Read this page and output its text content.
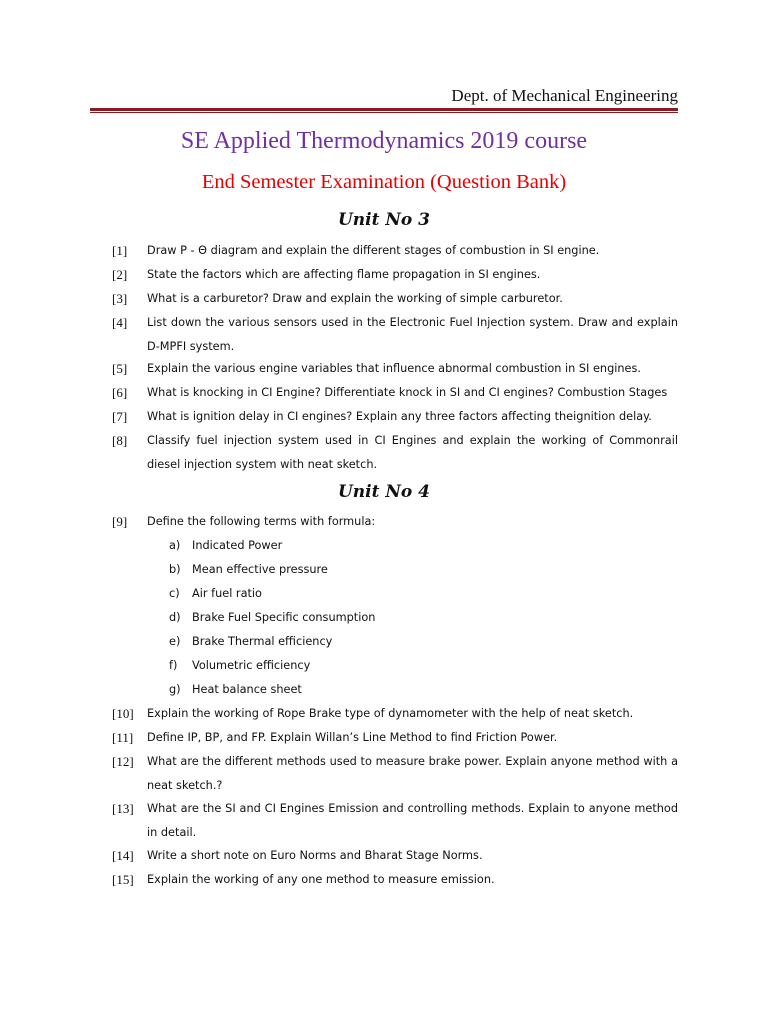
Dept. of Mechanical Engineering
SE Applied Thermodynamics 2019 course
End Semester Examination (Question Bank)
Unit No 3
[1] Draw P - Θ diagram and explain the different stages of combustion in SI engine.
[2] State the factors which are affecting flame propagation in SI engines.
[3] What is a carburetor? Draw and explain the working of simple carburetor.
[4] List down the various sensors used in the Electronic Fuel Injection system. Draw and explain D-MPFI system.
[5] Explain the various engine variables that influence abnormal combustion in SI engines.
[6] What is knocking in CI Engine? Differentiate knock in SI and CI engines? Combustion Stages
[7] What is ignition delay in CI engines? Explain any three factors affecting theignition delay.
[8] Classify fuel injection system used in CI Engines and explain the working of Commonrail diesel injection system with neat sketch.
Unit No 4
[9] Define the following terms with formula:
a) Indicated Power
b) Mean effective pressure
c) Air fuel ratio
d) Brake Fuel Specific consumption
e) Brake Thermal efficiency
f) Volumetric efficiency
g) Heat balance sheet
[10] Explain the working of Rope Brake type of dynamometer with the help of neat sketch.
[11] Define IP, BP, and FP. Explain Willan’s Line Method to find Friction Power.
[12] What are the different methods used to measure brake power. Explain anyone method with a neat sketch.?
[13] What are the SI and CI Engines Emission and controlling methods. Explain to anyone method in detail.
[14] Write a short note on Euro Norms and Bharat Stage Norms.
[15] Explain the working of any one method to measure emission.
